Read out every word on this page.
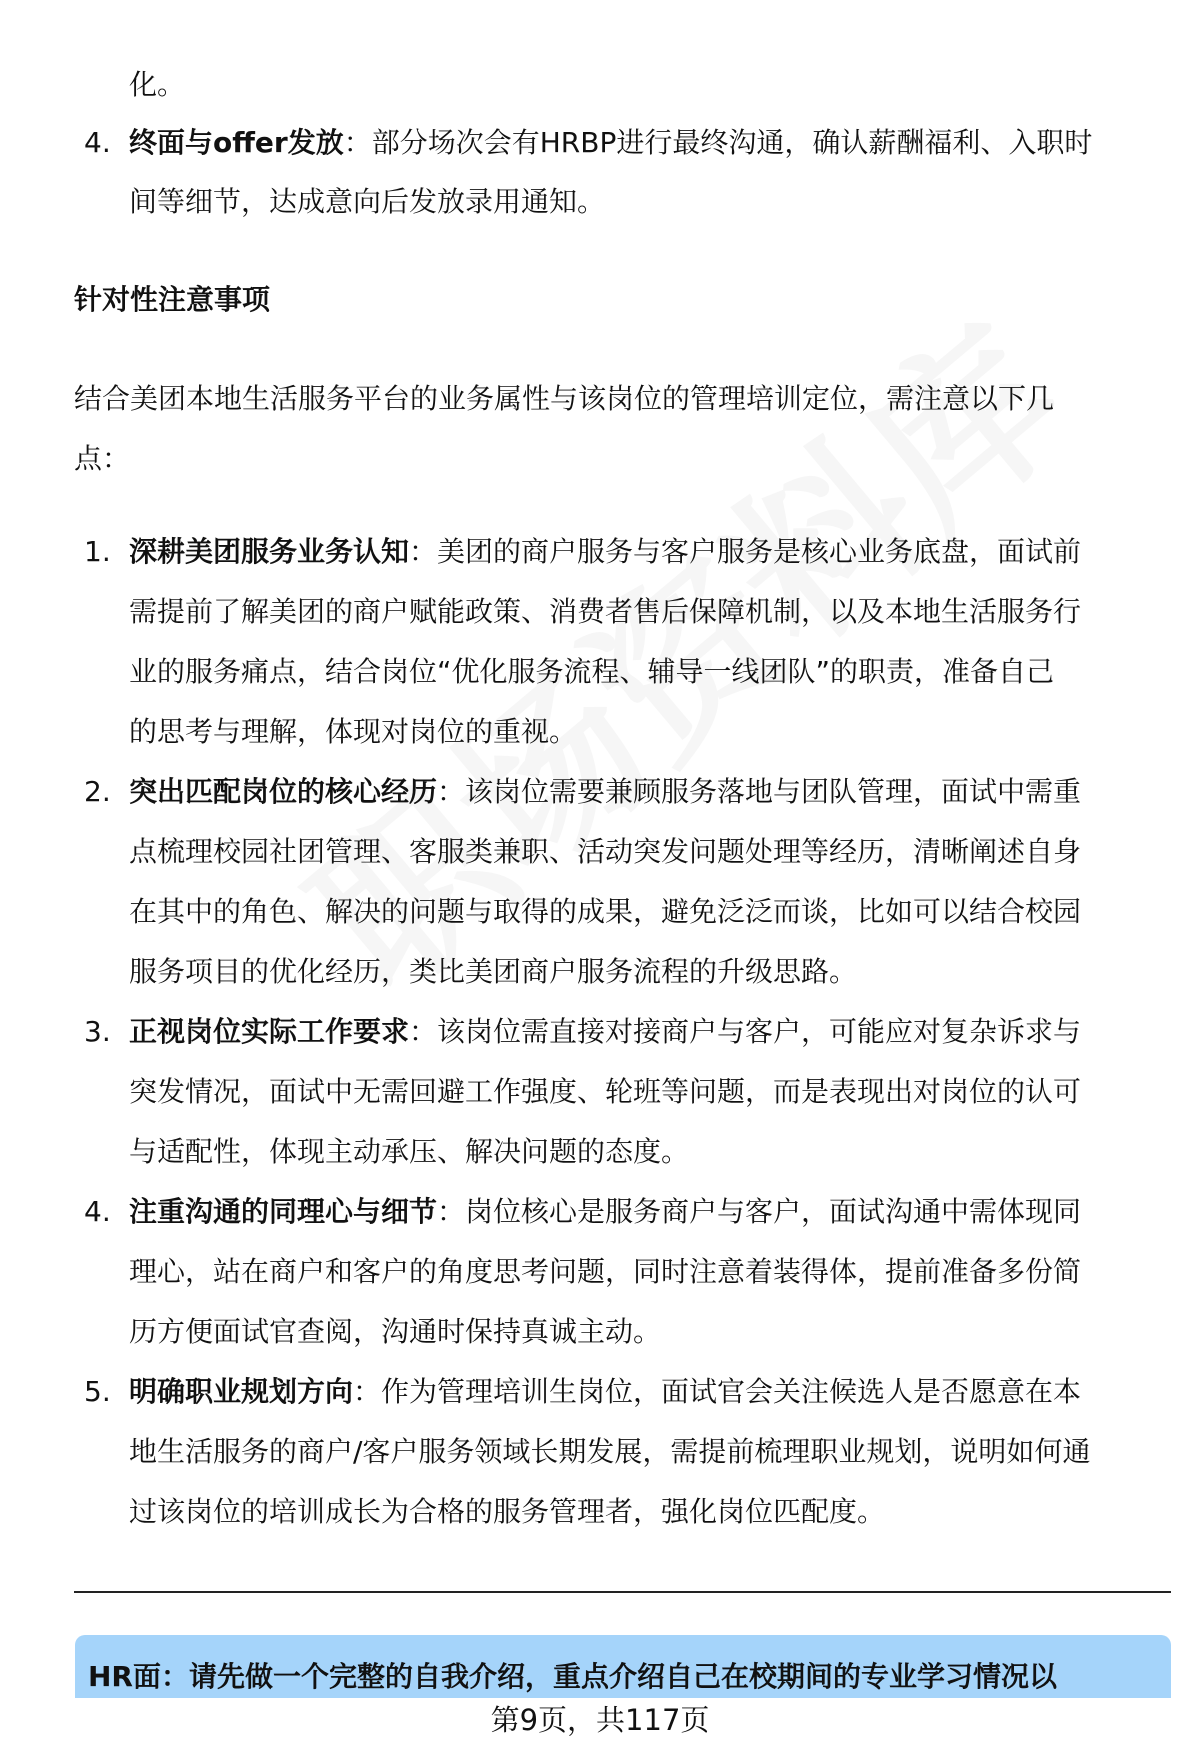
化。
4. 终面与offer发放：部分场次会有HRBP进行最终沟通，确认薪酬福利、入职时
间等细节，达成意向后发放录用通知。
针对性注意事项
结合美团本地生活服务平台的业务属性与该岗位的管理培训定位，需注意以下几
点：
1. 深耕美团服务业务认知：美团的商户服务与客户服务是核心业务底盘，面试前
需提前了解美团的商户赋能政策、消费者售后保障机制，以及本地生活服务行
业的服务痛点，结合岗位“优化服务流程、辅导一线团队”的职责，准备自己
的思考与理解，体现对岗位的重视。
2. 突出匹配岗位的核心经历：该岗位需要兼顾服务落地与团队管理，面试中需重
点梳理校园社团管理、客服类兼职、活动突发问题处理等经历，清晰阐述自身
在其中的角色、解决的问题与取得的成果，避免泛泛而谈，比如可以结合校园
服务项目的优化经历，类比美团商户服务流程的升级思路。
3. 正视岗位实际工作要求：该岗位需直接对接商户与客户，可能应对复杂诉求与
突发情况，面试中无需回避工作强度、轮班等问题，而是表现出对岗位的认可
与适配性，体现主动承压、解决问题的态度。
4. 注重沟通的同理心与细节：岗位核心是服务商户与客户，面试沟通中需体现同
理心，站在商户和客户的角度思考问题，同时注意着装得体，提前准备多份简
历方便面试官查阅，沟通时保持真诚主动。
5. 明确职业规划方向：作为管理培训生岗位，面试官会关注候选人是否愿意在本
地生活服务的商户/客户服务领域长期发展，需提前梳理职业规划，说明如何通
过该岗位的培训成长为合格的服务管理者，强化岗位匹配度。
HR面：请先做一个完整的自我介绍，重点介绍自己在校期间的专业学习情况以
第9页，共117页
